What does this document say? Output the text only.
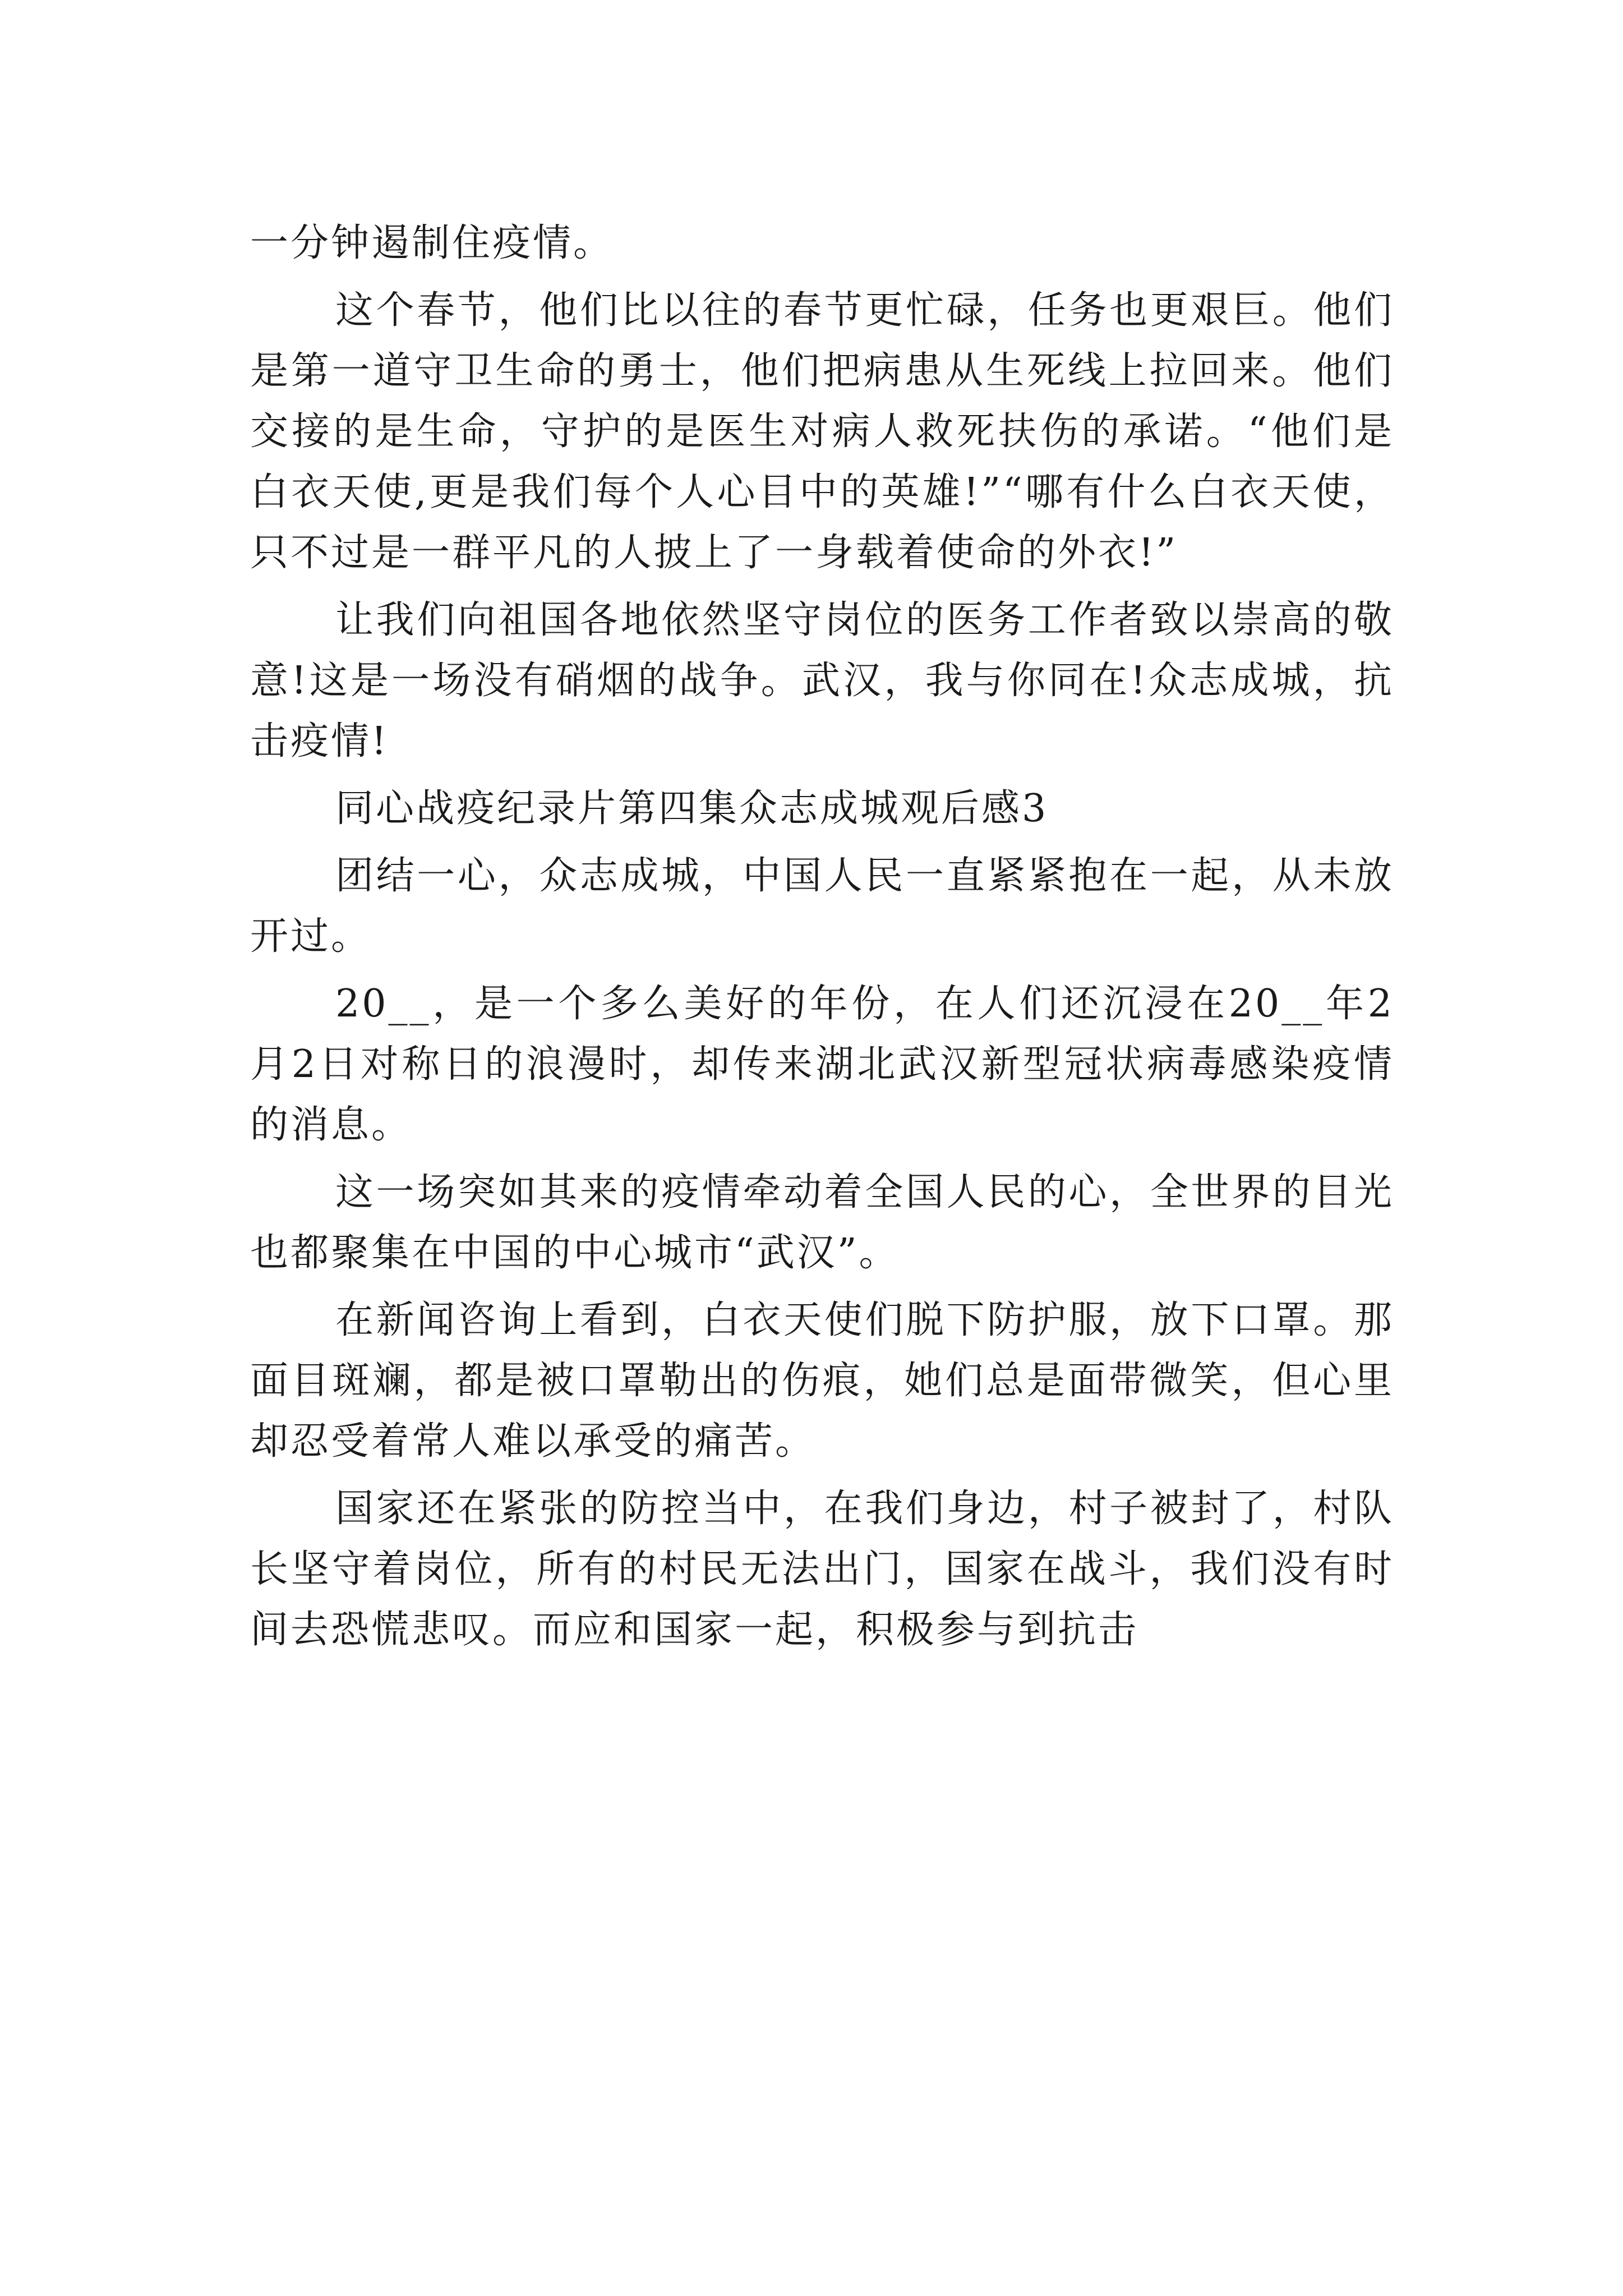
一分钟遏制住疫情。

这个春节，他们比以往的春节更忙碌，任务也更艰巨。他们是第一道守卫生命的勇士，他们把病患从生死线上拉回来。他们交接的是生命，守护的是医生对病人救死扶伤的承诺。“他们是白衣天使,更是我们每个人心目中的英雄!”“哪有什么白衣天使，只不过是一群平凡的人披上了一身载着使命的外衣!”

让我们向祖国各地依然坚守岗位的医务工作者致以崇高的敬意!这是一场没有硝烟的战争。武汉，我与你同在!众志成城，抗击疫情!

同心战疫纪录片第四集众志成城观后感3

团结一心，众志成城，中国人民一直紧紧抱在一起，从未放开过。

20__，是一个多么美好的年份，在人们还沉浸在20__年2月2日对称日的浪漫时，却传来湖北武汉新型冠状病毒感染疫情的消息。

这一场突如其来的疫情牵动着全国人民的心，全世界的目光也都聚集在中国的中心城市“武汉”。

在新闻咨询上看到，白衣天使们脱下防护服，放下口罩。那面目斑斓，都是被口罩勒出的伤痕，她们总是面带微笑，但心里却忍受着常人难以承受的痛苦。

国家还在紧张的防控当中，在我们身边，村子被封了，村队长坚守着岗位，所有的村民无法出门，国家在战斗，我们没有时间去恐慌悲叹。而应和国家一起，积极参与到抗击
